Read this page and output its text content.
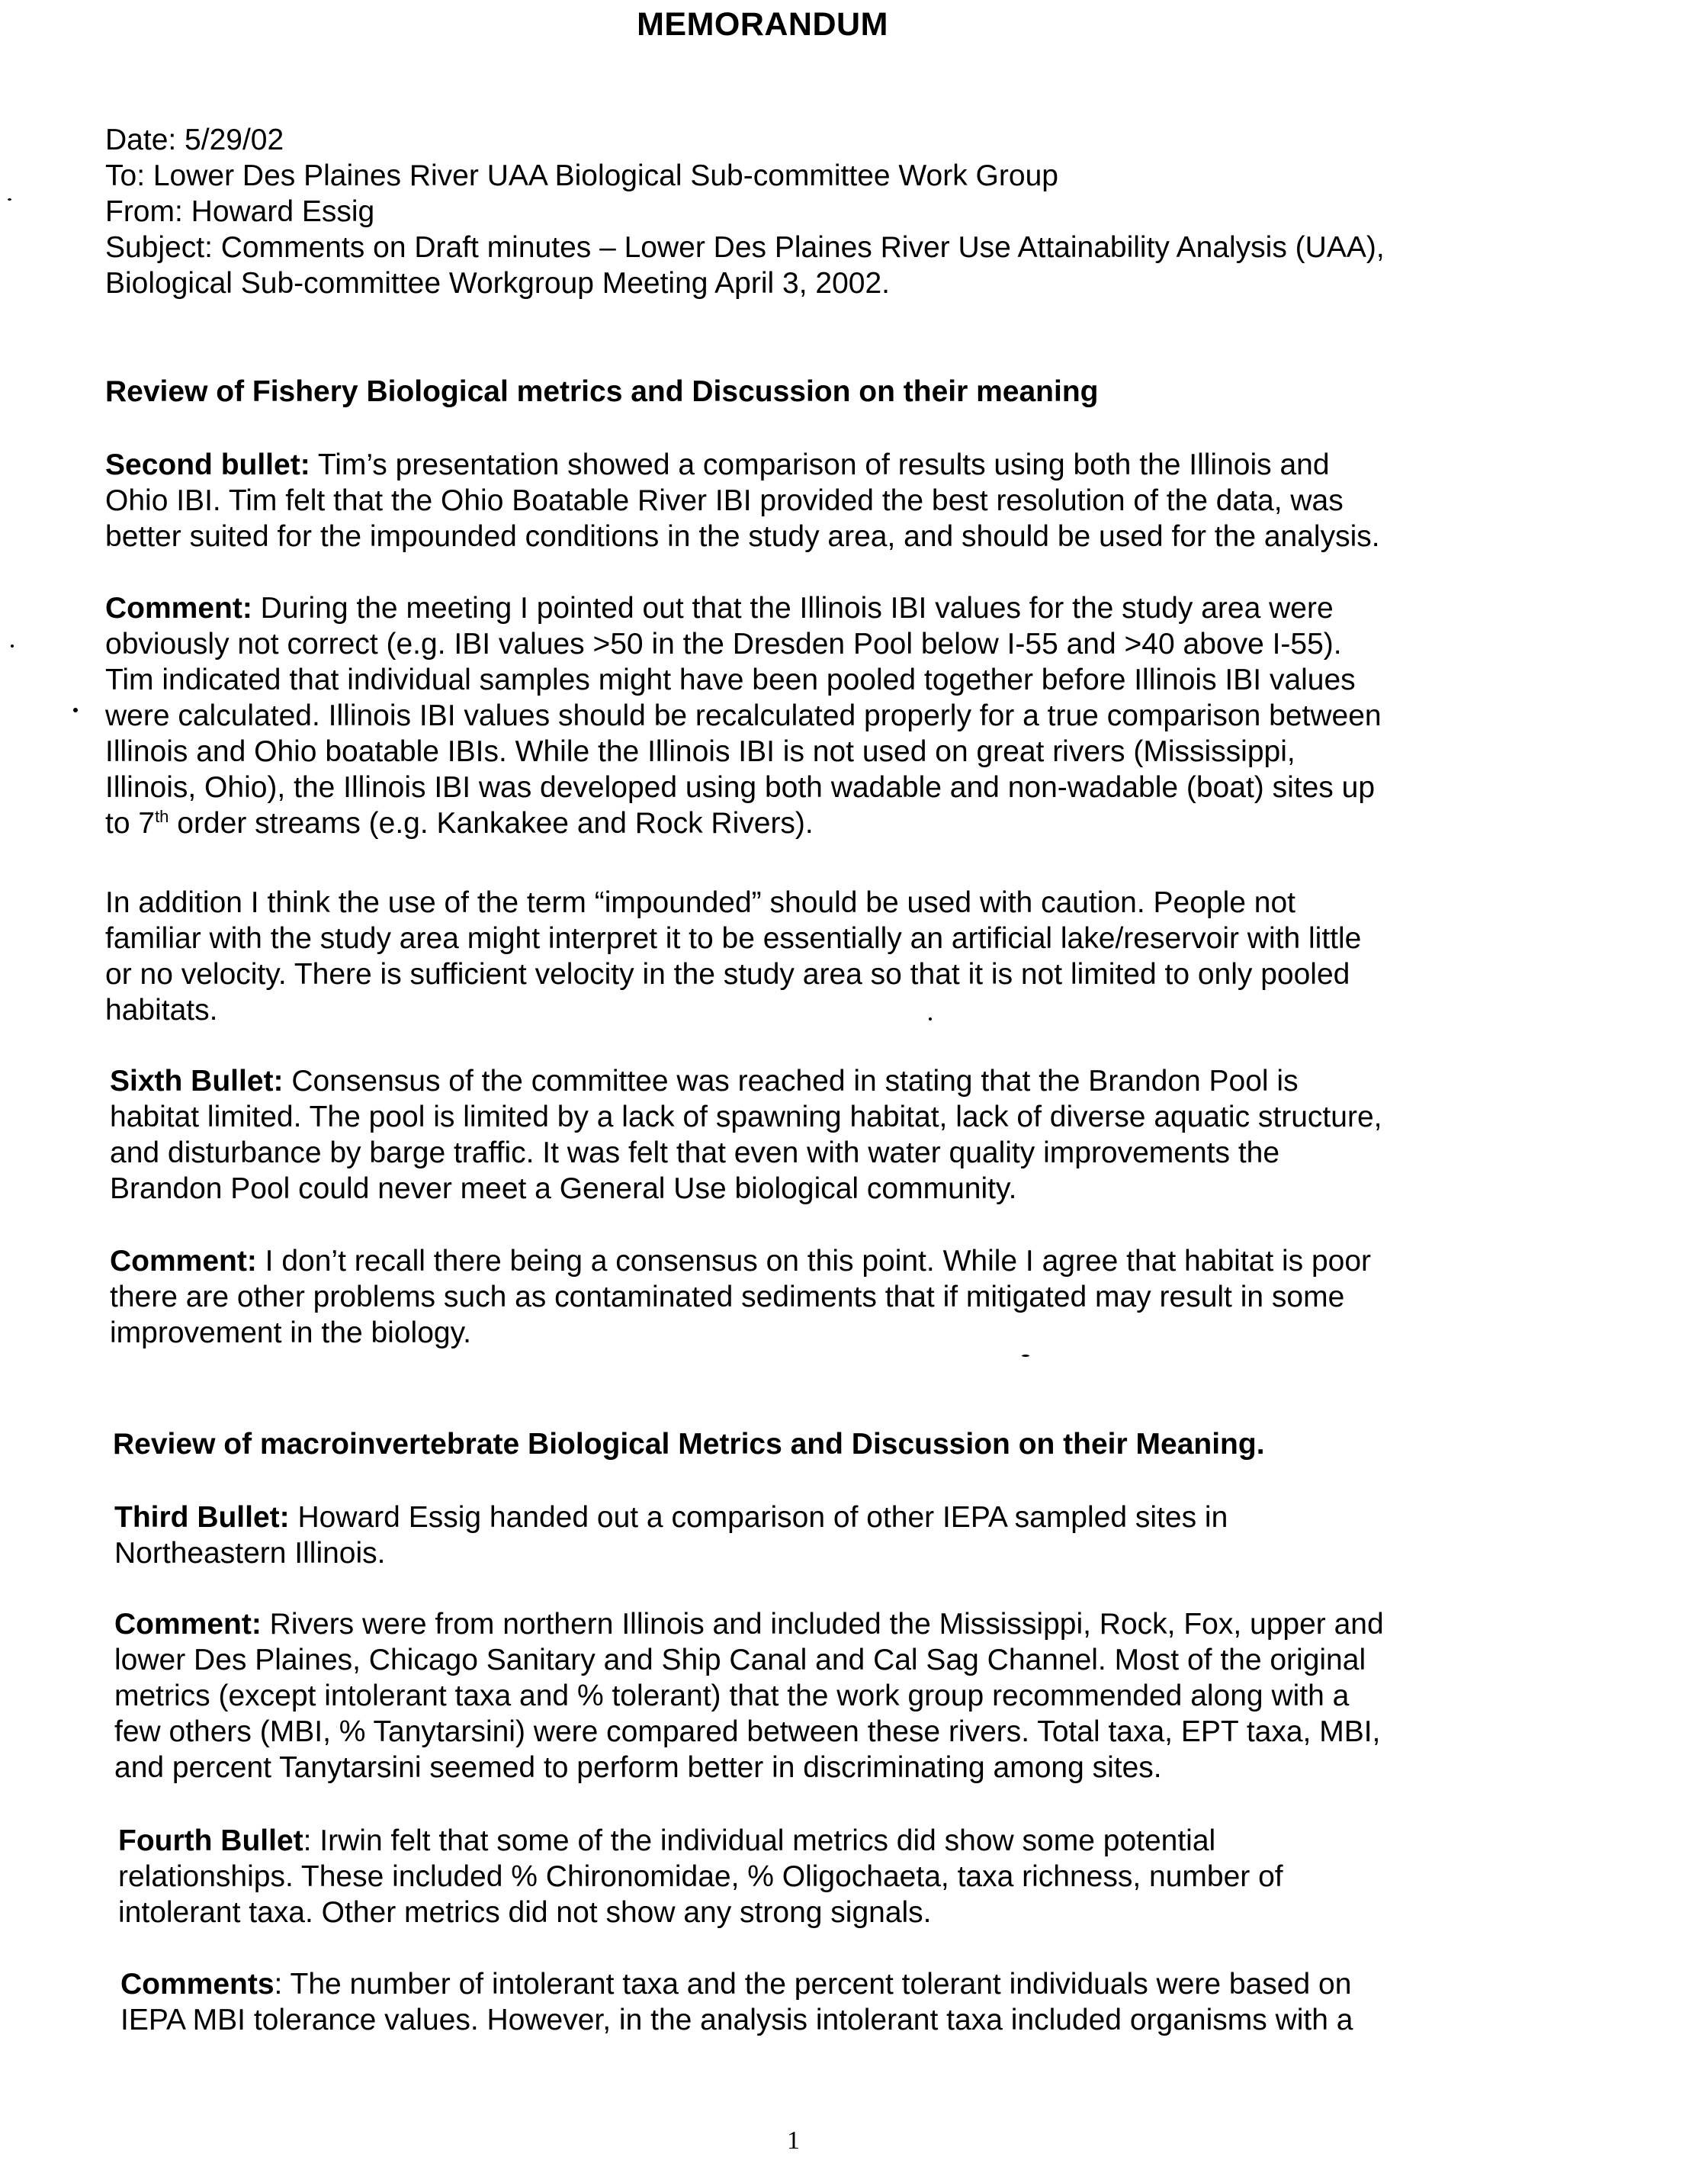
MEMORANDUM
Date: 5/29/02
To: Lower Des Plaines River UAA Biological Sub-committee Work Group
From: Howard Essig
Subject: Comments on Draft minutes – Lower Des Plaines River Use Attainability Analysis (UAA),
Biological Sub-committee Workgroup Meeting April 3, 2002.
Review of Fishery Biological metrics and Discussion on their meaning
Second bullet: Tim’s presentation showed a comparison of results using both the Illinois and
Ohio IBI. Tim felt that the Ohio Boatable River IBI provided the best resolution of the data, was
better suited for the impounded conditions in the study area, and should be used for the analysis.
Comment: During the meeting I pointed out that the Illinois IBI values for the study area were
obviously not correct (e.g. IBI values >50 in the Dresden Pool below I-55 and >40 above I-55).
Tim indicated that individual samples might have been pooled together before Illinois IBI values
were calculated. Illinois IBI values should be recalculated properly for a true comparison between
Illinois and Ohio boatable IBIs. While the Illinois IBI is not used on great rivers (Mississippi,
Illinois, Ohio), the Illinois IBI was developed using both wadable and non-wadable (boat) sites up
to 7th order streams (e.g. Kankakee and Rock Rivers).
In addition I think the use of the term “impounded” should be used with caution. People not
familiar with the study area might interpret it to be essentially an artificial lake/reservoir with little
or no velocity. There is sufficient velocity in the study area so that it is not limited to only pooled
habitats.
Sixth Bullet: Consensus of the committee was reached in stating that the Brandon Pool is
habitat limited. The pool is limited by a lack of spawning habitat, lack of diverse aquatic structure,
and disturbance by barge traffic. It was felt that even with water quality improvements the
Brandon Pool could never meet a General Use biological community.
Comment: I don’t recall there being a consensus on this point. While I agree that habitat is poor
there are other problems such as contaminated sediments that if mitigated may result in some
improvement in the biology.
Review of macroinvertebrate Biological Metrics and Discussion on their Meaning.
Third Bullet: Howard Essig handed out a comparison of other IEPA sampled sites in
Northeastern Illinois.
Comment: Rivers were from northern Illinois and included the Mississippi, Rock, Fox, upper and
lower Des Plaines, Chicago Sanitary and Ship Canal and Cal Sag Channel. Most of the original
metrics (except intolerant taxa and % tolerant) that the work group recommended along with a
few others (MBI, % Tanytarsini) were compared between these rivers. Total taxa, EPT taxa, MBI,
and percent Tanytarsini seemed to perform better in discriminating among sites.
Fourth Bullet: Irwin felt that some of the individual metrics did show some potential
relationships. These included % Chironomidae, % Oligochaeta, taxa richness, number of
intolerant taxa. Other metrics did not show any strong signals.
Comments: The number of intolerant taxa and the percent tolerant individuals were based on
IEPA MBI tolerance values. However, in the analysis intolerant taxa included organisms with a
1
